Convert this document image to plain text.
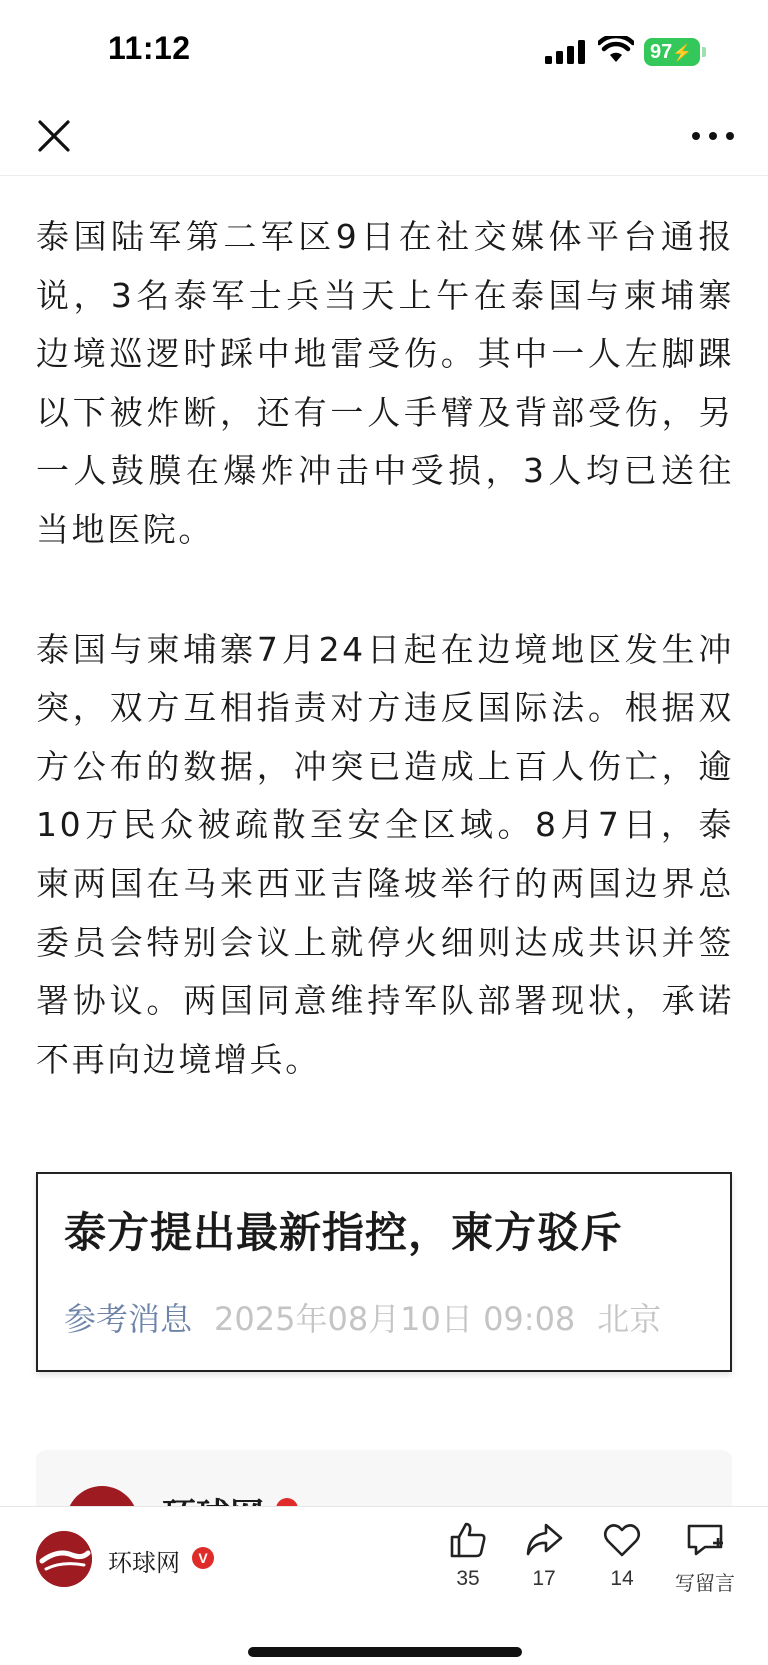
11:12	97⚡

泰国陆军第二军区9日在社交媒体平台通报说，3名泰军士兵当天上午在泰国与柬埔寨边境巡逻时踩中地雷受伤。其中一人左脚踝以下被炸断，还有一人手臂及背部受伤，另一人鼓膜在爆炸冲击中受损，3人均已送往当地医院。

泰国与柬埔寨7月24日起在边境地区发生冲突，双方互相指责对方违反国际法。根据双方公布的数据，冲突已造成上百人伤亡，逾10万民众被疏散至安全区域。8月7日，泰柬两国在马来西亚吉隆坡举行的两国边界总委员会特别会议上就停火细则达成共识并签署协议。两国同意维持军队部署现状，承诺不再向边境增兵。

泰方提出最新指控，柬方驳斥
参考消息 2025年08月10日 09:08 北京
环球网	V
35	17	14	写留言
